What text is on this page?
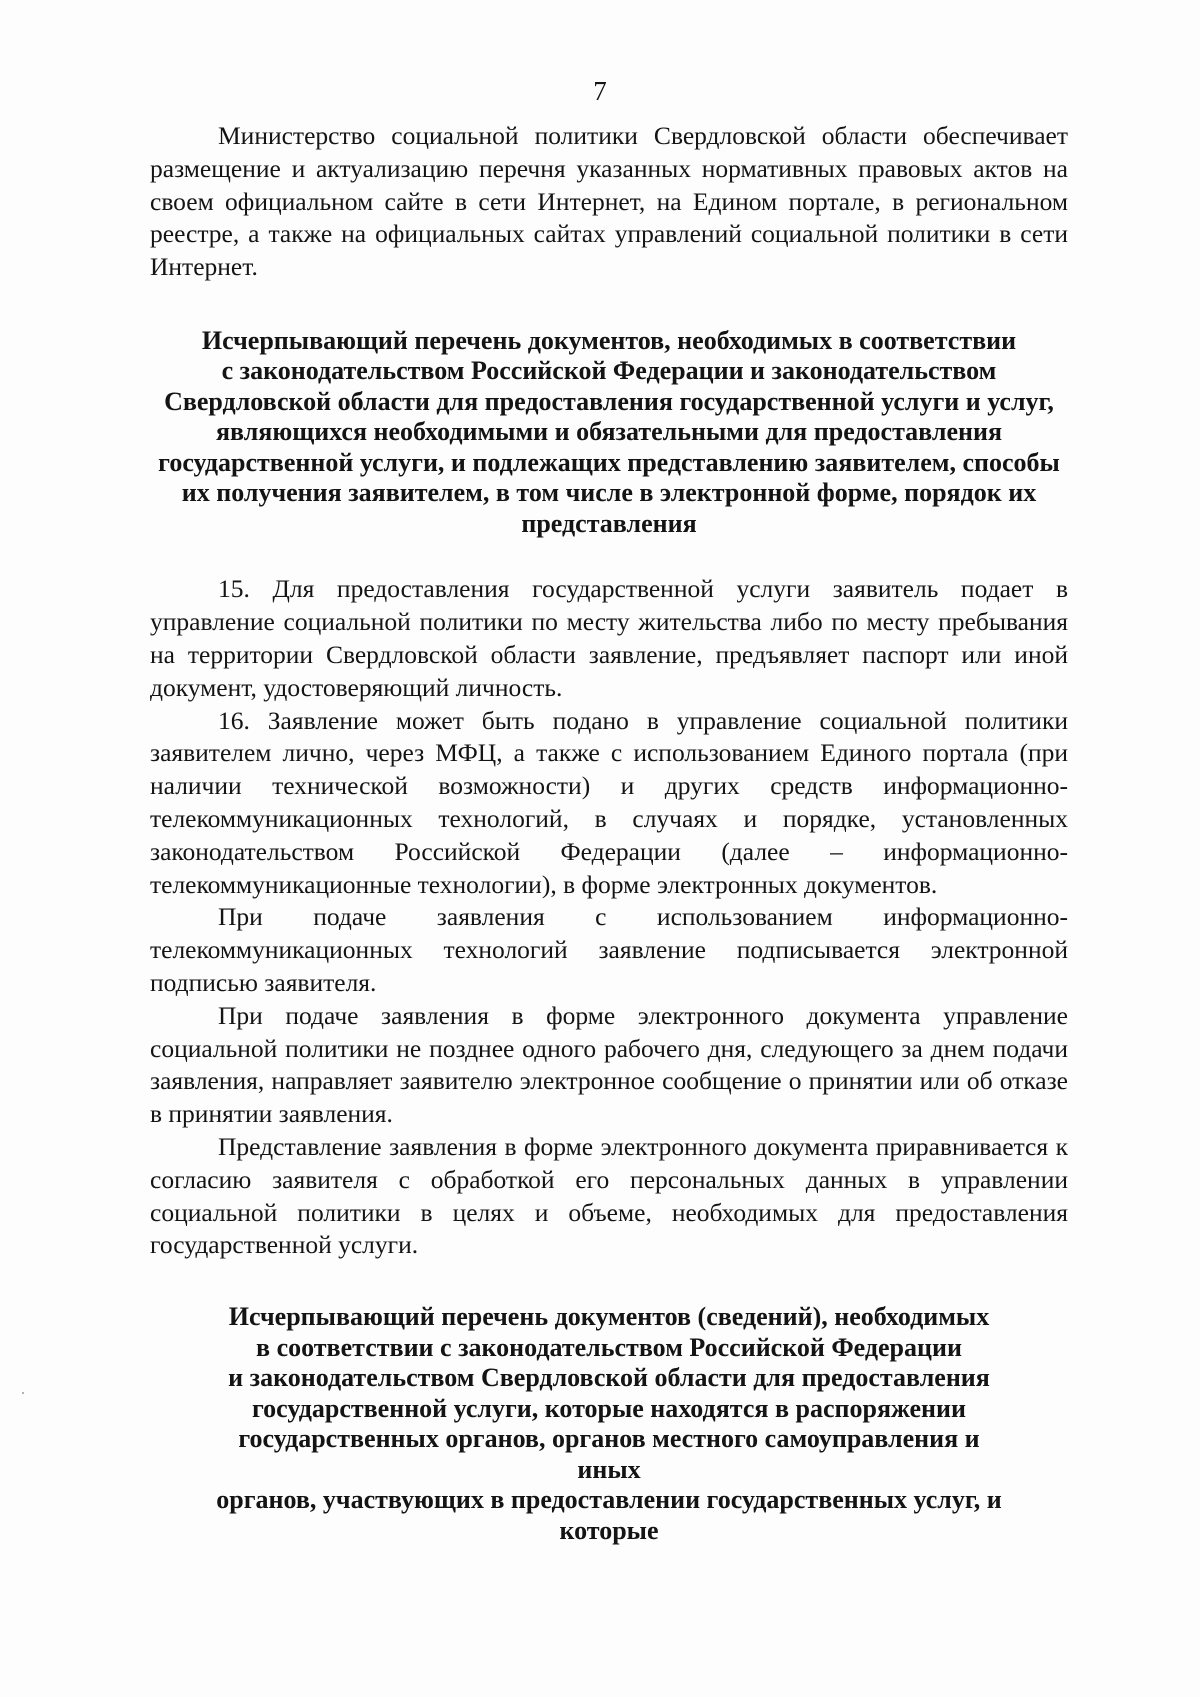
7

Министерство социальной политики Свердловской области обеспечивает размещение и актуализацию перечня указанных нормативных правовых актов на своем официальном сайте в сети Интернет, на Едином портале, в региональном реестре, а также на официальных сайтах управлений социальной политики в сети Интернет.

Исчерпывающий перечень документов, необходимых в соответствии
с законодательством Российской Федерации и законодательством
Свердловской области для предоставления государственной услуги и услуг,
являющихся необходимыми и обязательными для предоставления
государственной услуги, и подлежащих представлению заявителем, способы
их получения заявителем, в том числе в электронной форме, порядок их
представления

15. Для предоставления государственной услуги заявитель подает в управление социальной политики по месту жительства либо по месту пребывания на территории Свердловской области заявление, предъявляет паспорт или иной документ, удостоверяющий личность.

16. Заявление может быть подано в управление социальной политики заявителем лично, через МФЦ, а также с использованием Единого портала (при наличии технической возможности) и других средств информационно-телекоммуникационных технологий, в случаях и порядке, установленных законодательством Российской Федерации (далее – информационно-телекоммуникационные технологии), в форме электронных документов.

При подаче заявления с использованием информационно-телекоммуникационных технологий заявление подписывается электронной подписью заявителя.

При подаче заявления в форме электронного документа управление социальной политики не позднее одного рабочего дня, следующего за днем подачи заявления, направляет заявителю электронное сообщение о принятии или об отказе в принятии заявления.

Представление заявления в форме электронного документа приравнивается к согласию заявителя с обработкой его персональных данных в управлении социальной политики в целях и объеме, необходимых для предоставления государственной услуги.

Исчерпывающий перечень документов (сведений), необходимых
в соответствии с законодательством Российской Федерации
и законодательством Свердловской области для предоставления
государственной услуги, которые находятся в распоряжении
государственных органов, органов местного самоуправления и иных
органов, участвующих в предоставлении государственных услуг, и которые
